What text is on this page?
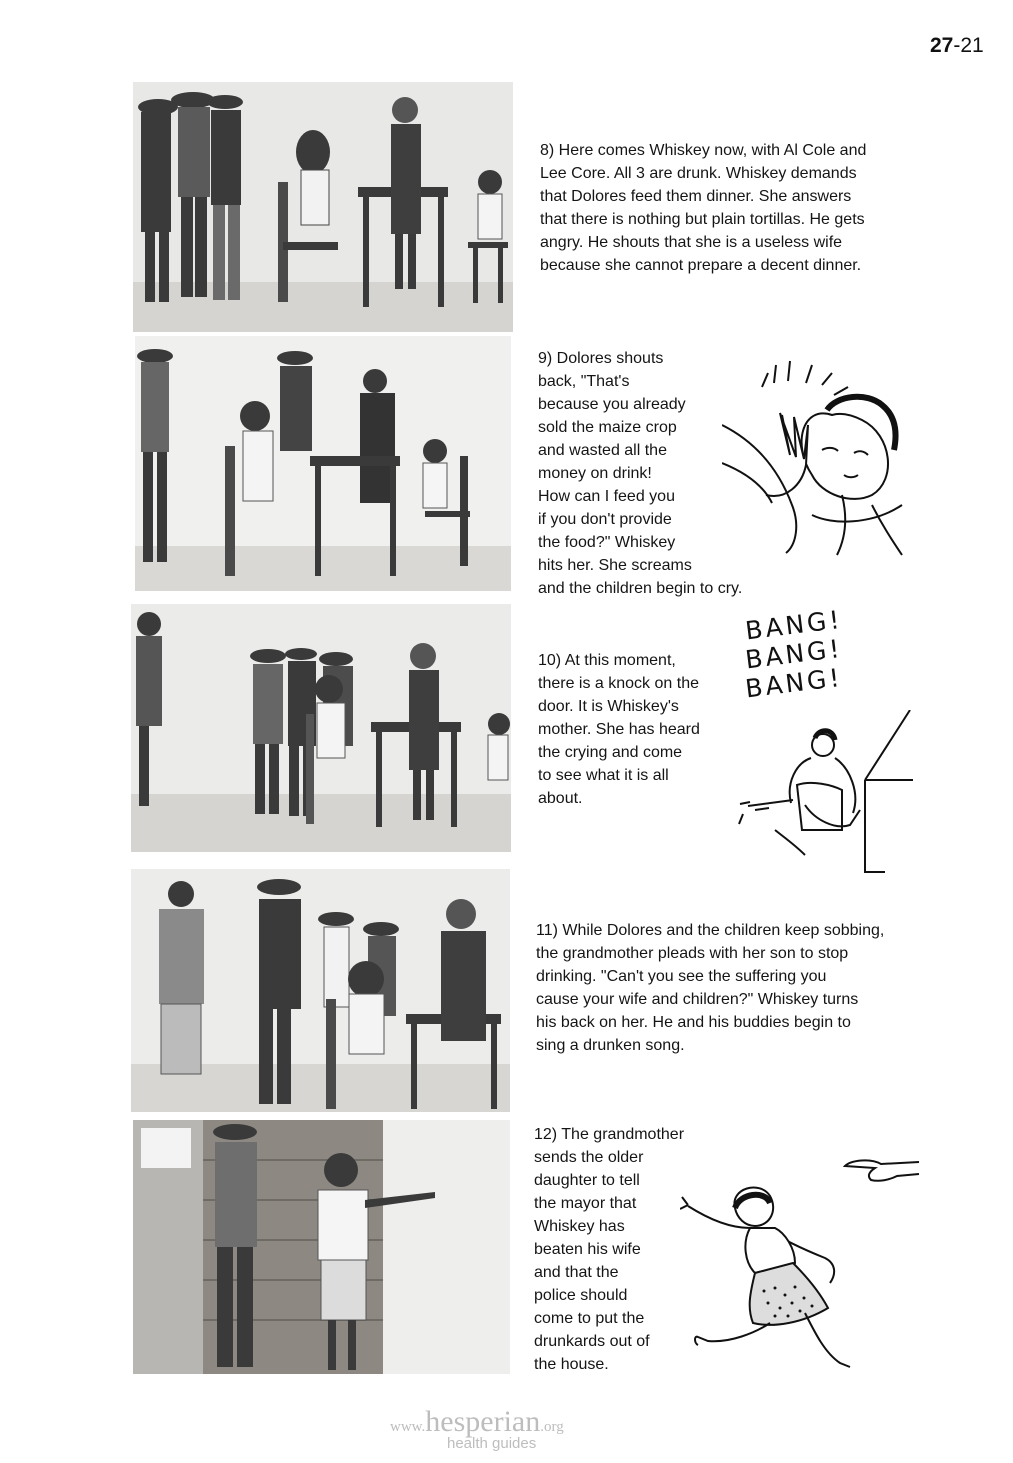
27-21

8) Here comes Whiskey now, with Al Cole and
Lee Core. All 3 are drunk. Whiskey demands
that Dolores feed them dinner. She answers
that there is nothing but plain tortillas. He gets
angry. He shouts that she is a useless wife
because she cannot prepare a decent dinner.

9) Dolores shouts
back, "That's
because you already
sold the maize crop
and wasted all the
money on drink!
How can I feed you
if you don't provide
the food?" Whiskey
hits her. She screams
and the children begin to cry.

10) At this moment,
there is a knock on the
door. It is Whiskey's
mother. She has heard
the crying and come
to see what it is all
about.

BANG!
BANG!
BANG!

11) While Dolores and the children keep sobbing,
the grandmother pleads with her son to stop
drinking. "Can't you see the suffering you
cause your wife and children?" Whiskey turns
his back on her. He and his buddies begin to
sing a drunken song.

12) The grandmother
sends the older
daughter to tell
the mayor that
Whiskey has
beaten his wife
and that the
police should
come to put the
drunkards out of
the house.

www.hesperian.org
health guides
